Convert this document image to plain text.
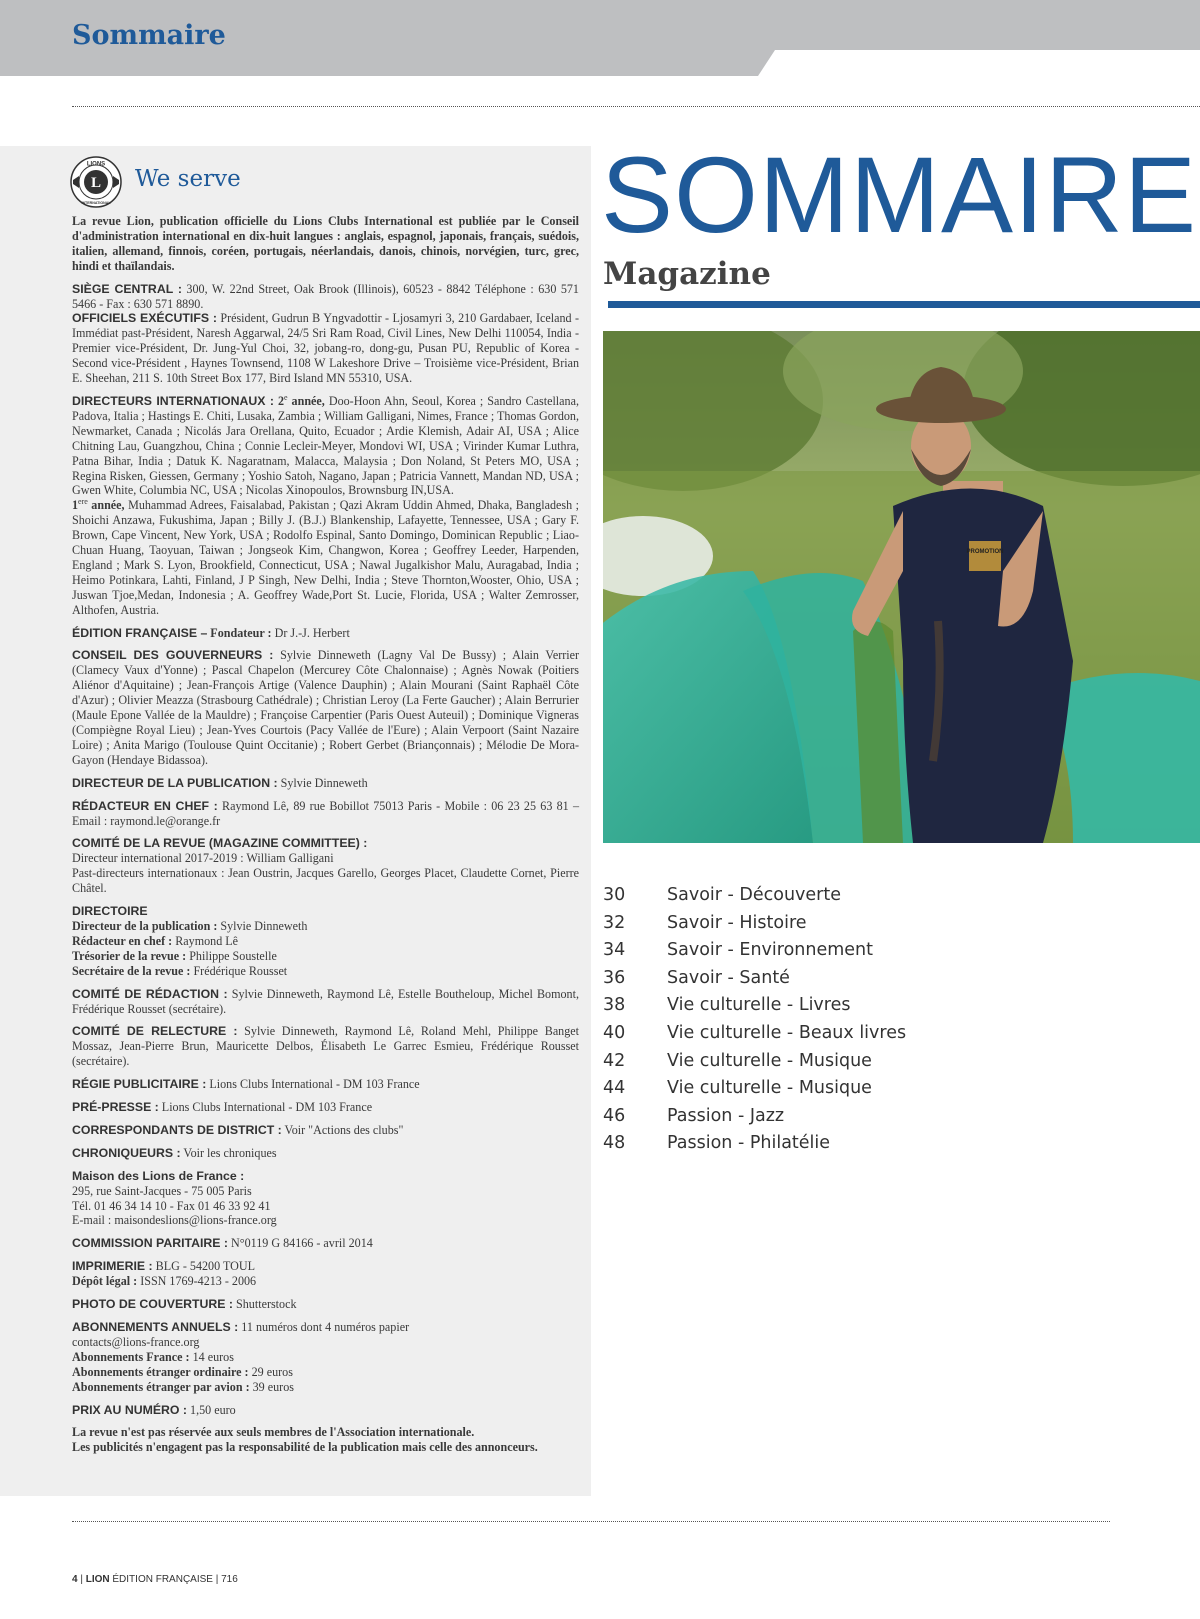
Sommaire
L
LIONS
INTERNATIONAL
We serve

La revue Lion, publication officielle du Lions Clubs International est publiée par le Conseil d'administration international en dix-huit langues : anglais, espagnol, japonais, français, suédois, italien, allemand, finnois, coréen, portugais, néerlandais, danois, chinois, norvégien, turc, grec, hindi et thaïlandais.

SIÈGE CENTRAL : 300, W. 22nd Street, Oak Brook (Illinois), 60523 - 8842 Téléphone : 630 571 5466 - Fax : 630 571 8890.

OFFICIELS EXÉCUTIFS : Président, Gudrun B Yngvadottir - Ljosamyri 3, 210 Gardabaer, Iceland - Immédiat past-Président, Naresh Aggarwal, 24/5 Sri Ram Road, Civil Lines, New Delhi 110054, India - Premier vice-Président, Dr. Jung-Yul Choi, 32, jobang-ro, dong-gu, Pusan PU, Republic of Korea - Second vice-Président , Haynes Townsend, 1108 W Lakeshore Drive – Troisième vice-Président, Brian E. Sheehan, 211 S. 10th Street Box 177, Bird Island MN 55310, USA.

DIRECTEURS INTERNATIONAUX : 2e année, Doo-Hoon Ahn, Seoul, Korea ; Sandro Castellana, Padova, Italia ; Hastings E. Chiti, Lusaka, Zambia ; William Galligani, Nimes, France ; Thomas Gordon, Newmarket, Canada ; Nicolás Jara Orellana, Quito, Ecuador ; Ardie Klemish, Adair AI, USA ; Alice Chitning Lau, Guangzhou, China ; Connie Lecleir-Meyer, Mondovi WI, USA ; Virinder Kumar Luthra, Patna Bihar, India ; Datuk K. Nagaratnam, Malacca, Malaysia ; Don Noland, St Peters MO, USA ; Regina Risken, Giessen, Germany ; Yoshio Satoh, Nagano, Japan ; Patricia Vannett, Mandan ND, USA ; Gwen White, Columbia NC, USA ; Nicolas Xinopoulos, Brownsburg IN,USA.
1ere année, Muhammad Adrees, Faisalabad, Pakistan ; Qazi Akram Uddin Ahmed, Dhaka, Bangladesh ; Shoichi Anzawa, Fukushima, Japan ; Billy J. (B.J.) Blankenship, Lafayette, Tennessee, USA ; Gary F. Brown, Cape Vincent, New York, USA ; Rodolfo Espinal, Santo Domingo, Dominican Republic ; Liao-Chuan Huang, Taoyuan, Taiwan ; Jongseok Kim, Changwon, Korea ; Geoffrey Leeder, Harpenden, England ; Mark S. Lyon, Brookfield, Connecticut, USA ; Nawal Jugalkishor Malu, Auragabad, India ; Heimo Potinkara, Lahti, Finland, J P Singh, New Delhi, India ; Steve Thornton,Wooster, Ohio, USA ; Juswan Tjoe,Medan, Indonesia ; A. Geoffrey Wade,Port St. Lucie, Florida, USA ; Walter Zemrosser, Althofen, Austria.

ÉDITION FRANÇAISE – Fondateur : Dr J.-J. Herbert

CONSEIL DES GOUVERNEURS : Sylvie Dinneweth (Lagny Val De Bussy) ; Alain Verrier (Clamecy Vaux d'Yonne) ; Pascal Chapelon (Mercurey Côte Chalonnaise) ; Agnès Nowak (Poitiers Aliénor d'Aquitaine) ; Jean-François Artige (Valence Dauphin) ; Alain Mourani (Saint Raphaël Côte d'Azur) ; Olivier Meazza (Strasbourg Cathédrale) ; Christian Leroy (La Ferte Gaucher) ; Alain Berrurier (Maule Epone Vallée de la Mauldre) ; Françoise Carpentier (Paris Ouest Auteuil) ; Dominique Vigneras (Compiègne Royal Lieu) ; Jean-Yves Courtois (Pacy Vallée de l'Eure) ; Alain Verpoort (Saint Nazaire Loire) ; Anita Marigo (Toulouse Quint Occitanie) ; Robert Gerbet (Briançonnais) ; Mélodie De Mora-Gayon (Hendaye Bidassoa).

DIRECTEUR DE LA PUBLICATION : Sylvie Dinneweth

RÉDACTEUR EN CHEF : Raymond Lê, 89 rue Bobillot 75013 Paris - Mobile : 06 23 25 63 81 – Email : raymond.le@orange.fr

COMITÉ DE LA REVUE (MAGAZINE COMMITTEE) :
Directeur international 2017-2019 : William Galligani
Past-directeurs internationaux : Jean Oustrin, Jacques Garello, Georges Placet, Claudette Cornet, Pierre Châtel.

DIRECTOIRE
Directeur de la publication : Sylvie Dinneweth
Rédacteur en chef : Raymond Lê
Trésorier de la revue : Philippe Soustelle
Secrétaire de la revue : Frédérique Rousset

COMITÉ DE RÉDACTION : Sylvie Dinneweth, Raymond Lê, Estelle Boutheloup, Michel Bomont, Frédérique Rousset (secrétaire).

COMITÉ DE RELECTURE : Sylvie Dinneweth, Raymond Lê, Roland Mehl, Philippe Banget Mossaz, Jean-Pierre Brun, Mauricette Delbos, Élisabeth Le Garrec Esmieu, Frédérique Rousset (secrétaire).

RÉGIE PUBLICITAIRE : Lions Clubs International - DM 103 France

PRÉ-PRESSE : Lions Clubs International - DM 103 France

CORRESPONDANTS DE DISTRICT : Voir "Actions des clubs"

CHRONIQUEURS : Voir les chroniques

Maison des Lions de France :
295, rue Saint-Jacques - 75 005 Paris
Tél. 01 46 34 14 10 - Fax 01 46 33 92 41
E-mail : maisondeslions@lions-france.org

COMMISSION PARITAIRE : N°0119 G 84166 - avril 2014

IMPRIMERIE : BLG - 54200 TOUL
Dépôt légal : ISSN 1769-4213 - 2006

PHOTO DE COUVERTURE : Shutterstock

ABONNEMENTS ANNUELS : 11 numéros dont 4 numéros papier
contacts@lions-france.org
Abonnements France : 14 euros
Abonnements étranger ordinaire : 29 euros
Abonnements étranger par avion : 39 euros

PRIX AU NUMÉRO : 1,50 euro

La revue n'est pas réservée aux seuls membres de l'Association internationale.
Les publicités n'engagent pas la responsabilité de la publication mais celle des annonceurs.

SOMMAIRE
Magazine
PROMOTION
30 Savoir - Découverte
32 Savoir - Histoire
34 Savoir - Environnement
36 Savoir - Santé
38 Vie culturelle - Livres
40 Vie culturelle - Beaux livres
42 Vie culturelle - Musique
44 Vie culturelle - Musique
46 Passion - Jazz
48 Passion - Philatélie
4 | LION ÉDITION FRANÇAISE | 716
